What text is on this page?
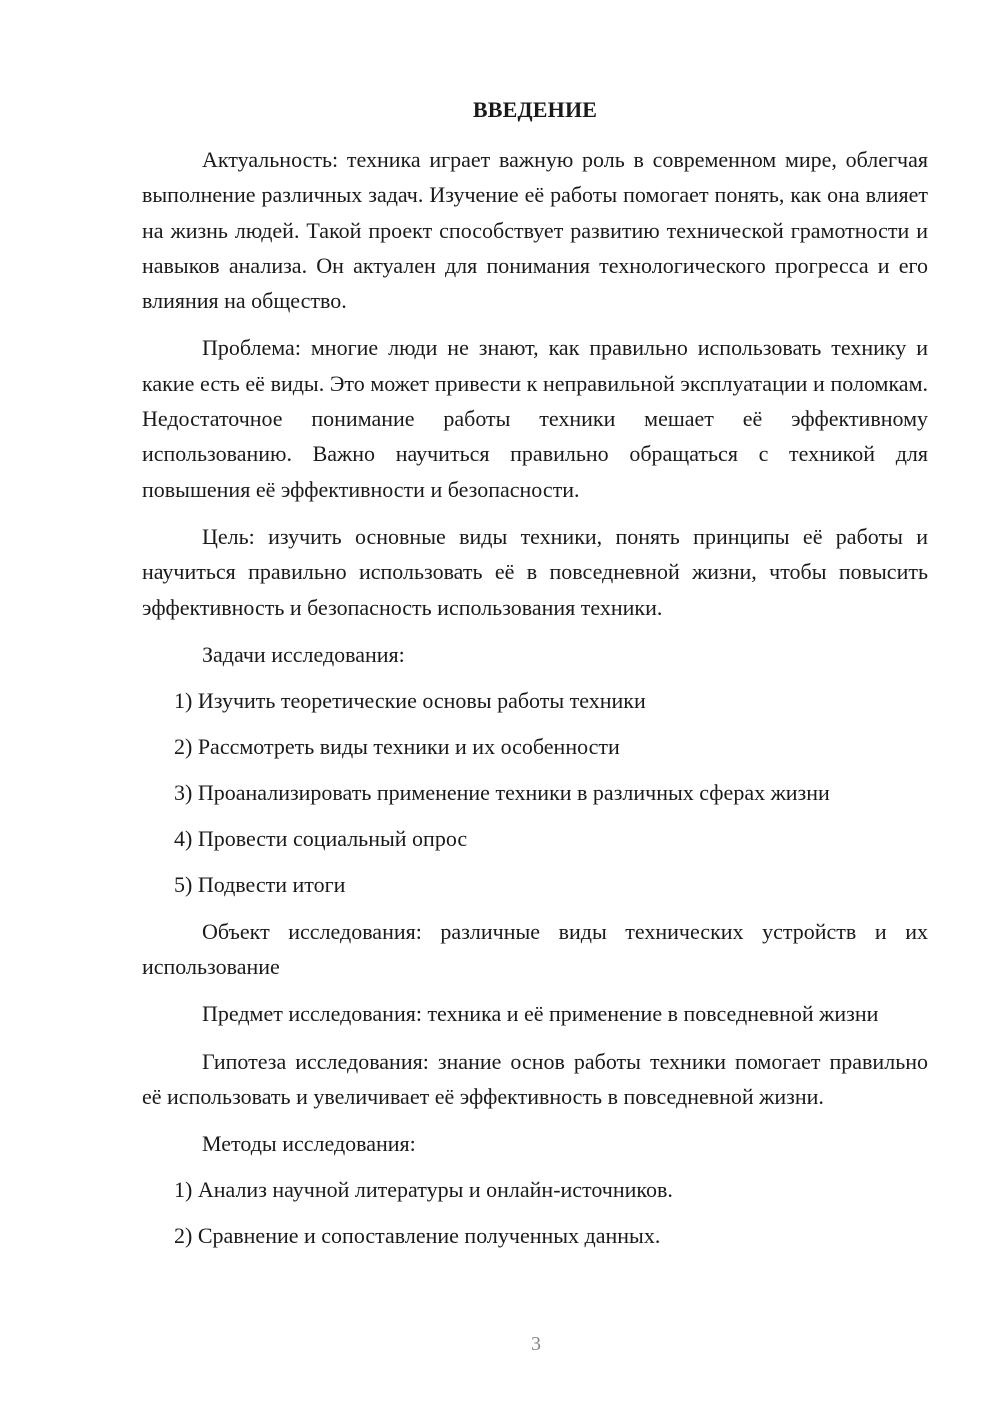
ВВЕДЕНИЕ

Актуальность: техника играет важную роль в современном мире, облегчая выполнение различных задач. Изучение её работы помогает понять, как она влияет на жизнь людей. Такой проект способствует развитию технической грамотности и навыков анализа. Он актуален для понимания технологического прогресса и его влияния на общество.

Проблема: многие люди не знают, как правильно использовать технику и какие есть её виды. Это может привести к неправильной эксплуатации и поломкам. Недостаточное понимание работы техники мешает её эффективному использованию. Важно научиться правильно обращаться с техникой для повышения её эффективности и безопасности.

Цель: изучить основные виды техники, понять принципы её работы и научиться правильно использовать её в повседневной жизни, чтобы повысить эффективность и безопасность использования техники.

Задачи исследования:

1) Изучить теоретические основы работы техники

2) Рассмотреть виды техники и их особенности

3) Проанализировать применение техники в различных сферах жизни

4) Провести социальный опрос

5) Подвести итоги

Объект исследования: различные виды технических устройств и их использование

Предмет исследования: техника и её применение в повседневной жизни

Гипотеза исследования: знание основ работы техники помогает правильно её использовать и увеличивает её эффективность в повседневной жизни.

Методы исследования:

1) Анализ научной литературы и онлайн-источников.

2) Сравнение и сопоставление полученных данных.

3
